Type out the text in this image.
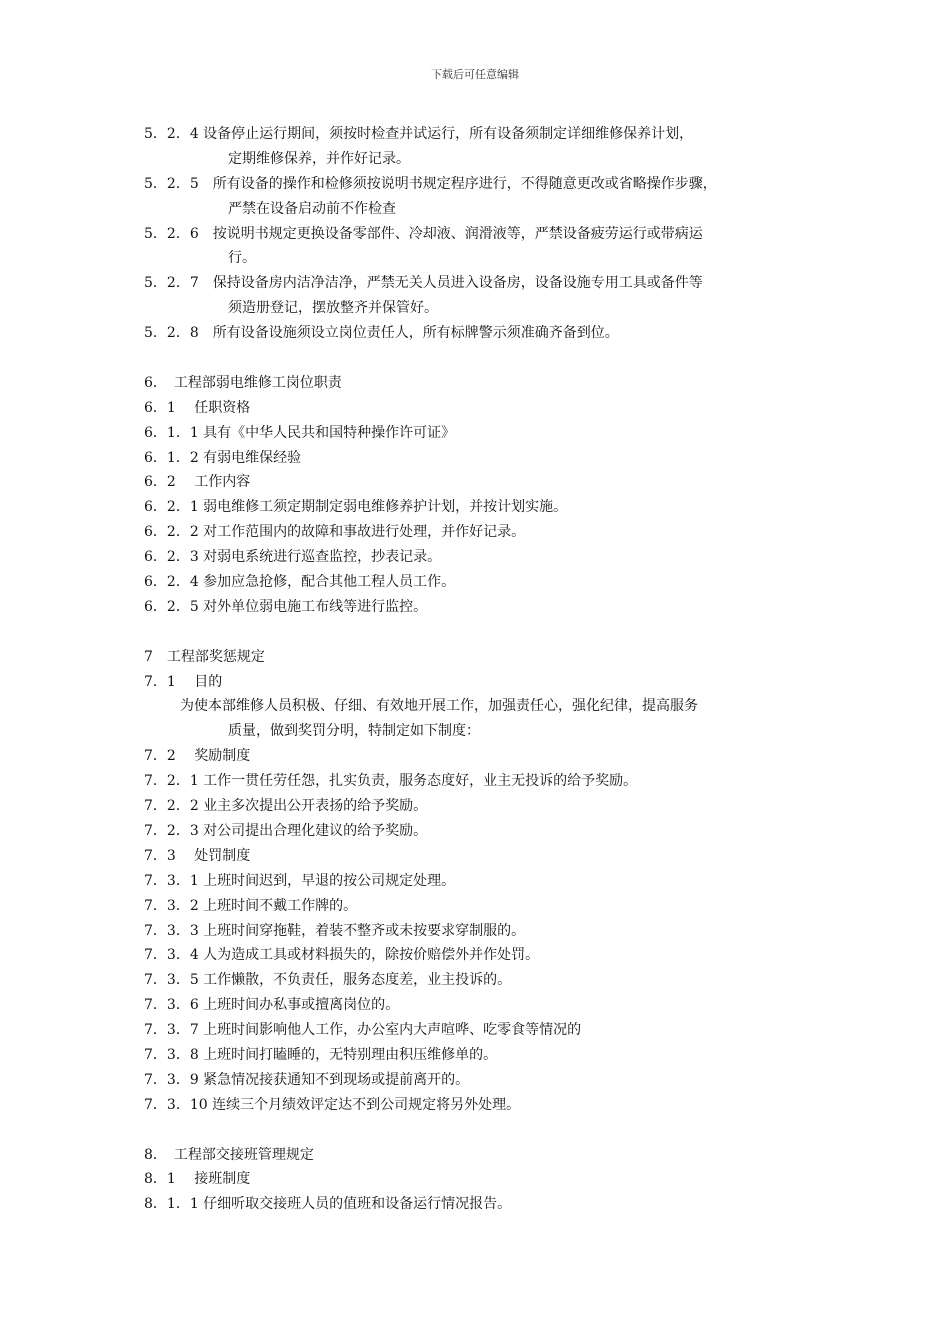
下载后可任意编辑
5．2．4 设备停止运行期间，须按时检查并试运行，所有设备须制定详细维修保养计划，
定期维修保养，并作好记录。
5．2．5　所有设备的操作和检修须按说明书规定程序进行，不得随意更改或省略操作步骤，
严禁在设备启动前不作检查
5．2．6　按说明书规定更换设备零部件、冷却液、润滑液等，严禁设备疲劳运行或带病运
行。
5．2．7　保持设备房内洁净洁净，严禁无关人员进入设备房，设备设施专用工具或备件等
须造册登记，摆放整齐并保管好。
5．2．8　所有设备设施须设立岗位责任人，所有标牌警示须准确齐备到位。
6．　工程部弱电维修工岗位职责
6．1　 任职资格
6．1．1 具有《中华人民共和国特种操作许可证》
6．1．2 有弱电维保经验
6．2　 工作内容
6．2．1 弱电维修工须定期制定弱电维修养护计划，并按计划实施。
6．2．2 对工作范围内的故障和事故进行处理，并作好记录。
6．2．3 对弱电系统进行巡查监控，抄表记录。
6．2．4 参加应急抢修，配合其他工程人员工作。
6．2．5 对外单位弱电施工布线等进行监控。
7　工程部奖惩规定
7．1　 目的
为使本部维修人员积极、仔细、有效地开展工作，加强责任心，强化纪律，提高服务
质量，做到奖罚分明，特制定如下制度：
7．2　 奖励制度
7．2．1 工作一贯任劳任怨，扎实负责，服务态度好，业主无投诉的给予奖励。
7．2．2 业主多次提出公开表扬的给予奖励。
7．2．3 对公司提出合理化建议的给予奖励。
7．3　 处罚制度
7．3．1 上班时间迟到，早退的按公司规定处理。
7．3．2 上班时间不戴工作牌的。
7．3．3 上班时间穿拖鞋，着装不整齐或未按要求穿制服的。
7．3．4 人为造成工具或材料损失的，除按价赔偿外并作处罚。
7．3．5 工作懒散，不负责任，服务态度差，业主投诉的。
7．3．6 上班时间办私事或擅离岗位的。
7．3．7 上班时间影响他人工作，办公室内大声喧哗、吃零食等情况的
7．3．8 上班时间打瞌睡的，无特别理由积压维修单的。
7．3．9 紧急情况接获通知不到现场或提前离开的。
7．3．10 连续三个月绩效评定达不到公司规定将另外处理。
8．　工程部交接班管理规定
8．1　 接班制度
8．1．1 仔细听取交接班人员的值班和设备运行情况报告。
